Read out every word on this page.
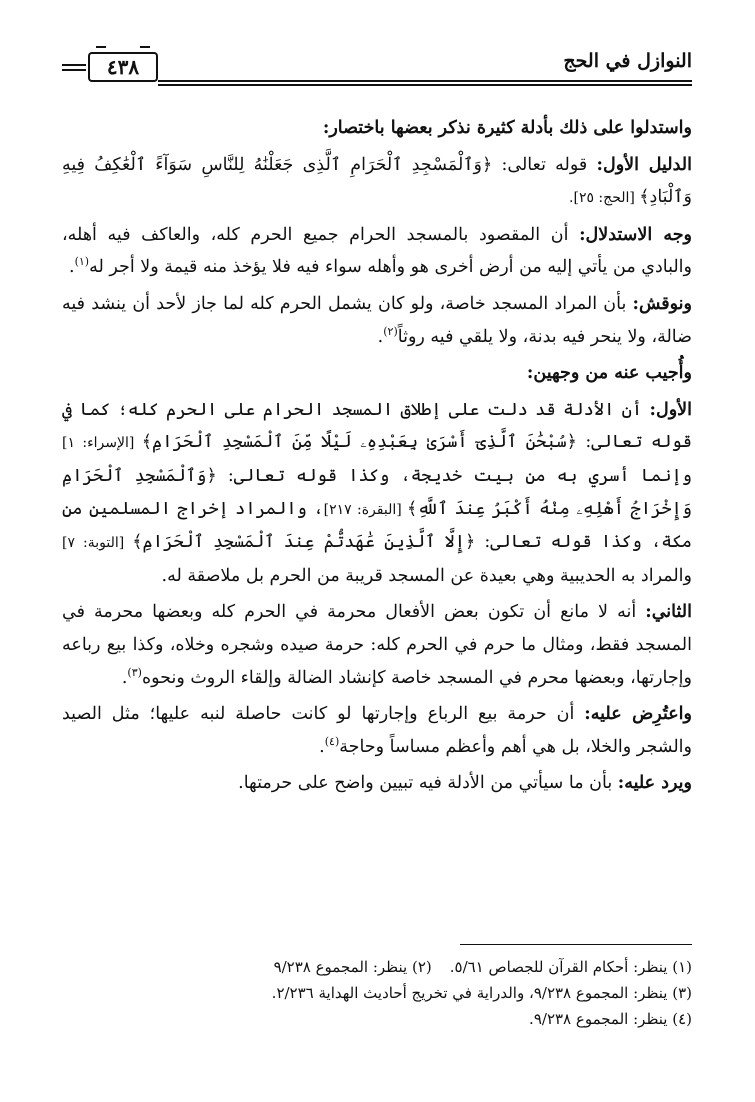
٤٣٨	النوازل في الحج

واستدلوا على ذلك بأدلة كثيرة نذكر بعضها باختصار:

الدليل الأول: قوله تعالى: ﴿وَٱلْمَسْجِدِ ٱلْحَرَامِ ٱلَّذِى جَعَلْنَٰهُ لِلنَّاسِ سَوَآءً ٱلْعَٰكِفُ فِيهِ وَٱلْبَادِ﴾ [الحج: ٢٥].

وجه الاستدلال: أن المقصود بالمسجد الحرام جميع الحرم كله، والعاكف فيه أهله، والبادي من يأتي إليه من أرض أخرى هو وأهله سواء فيه فلا يؤخذ منه قيمة ولا أجر له$^{(١)}$.

ونوقش: بأن المراد المسجد خاصة، ولو كان يشمل الحرم كله لما جاز لأحد أن ينشد فيه ضالة، ولا ينحر فيه بدنة، ولا يلقي فيه روثاً$^{(٢)}$.

وأُجيب عنه من وجهين:

الأول: أن الأدلة قد دلت على إطلاق المسجد الحرام على الحرم كله؛ كما في قوله تعالى: ﴿سُبْحَٰنَ ٱلَّذِىٓ أَسْرَىٰ بِعَبْدِهِۦ لَيْلًا مِّنَ ٱلْمَسْجِدِ ٱلْحَرَامِ﴾ [الإسراء: ١] وإنما أسري به من بيت خديجة، وكذا قوله تعالى: ﴿وَٱلْمَسْجِدِ ٱلْحَرَامِ وَإِخْرَاجُ أَهْلِهِۦ مِنْهُ أَكْبَرُ عِندَ ٱللَّهِ﴾ [البقرة: ٢١٧]، والمراد إخراج المسلمين من مكة، وكذا قوله تعالى: ﴿إِلَّا ٱلَّذِينَ عَٰهَدتُّمْ عِندَ ٱلْمَسْجِدِ ٱلْحَرَامِ﴾ [التوبة: ٧] والمراد به الحديبية وهي بعيدة عن المسجد قريبة من الحرم بل ملاصقة له.

الثاني: أنه لا مانع أن تكون بعض الأفعال محرمة في الحرم كله وبعضها محرمة في المسجد فقط، ومثال ما حرم في الحرم كله: حرمة صيده وشجره وخلاه، وكذا بيع رباعه وإجارتها، وبعضها محرم في المسجد خاصة كإنشاد الضالة وإلقاء الروث ونحوه$^{(٣)}$.

واعتُرِض عليه: أن حرمة بيع الرباع وإجارتها لو كانت حاصلة لنبه عليها؛ مثل الصيد والشجر والخلا، بل هي أهم وأعظم مساساً وحاجة$^{(٤)}$.

ويرد عليه: بأن ما سيأتي من الأدلة فيه تبيين واضح على حرمتها.

(١) ينظر: أحكام القرآن للجصاص ٥/٦١.(٢) ينظر: المجموع ٩/٢٣٨

(٣) ينظر: المجموع ٩/٢٣٨، والدراية في تخريج أحاديث الهداية ٢/٢٣٦.

(٤) ينظر: المجموع ٩/٢٣٨.
